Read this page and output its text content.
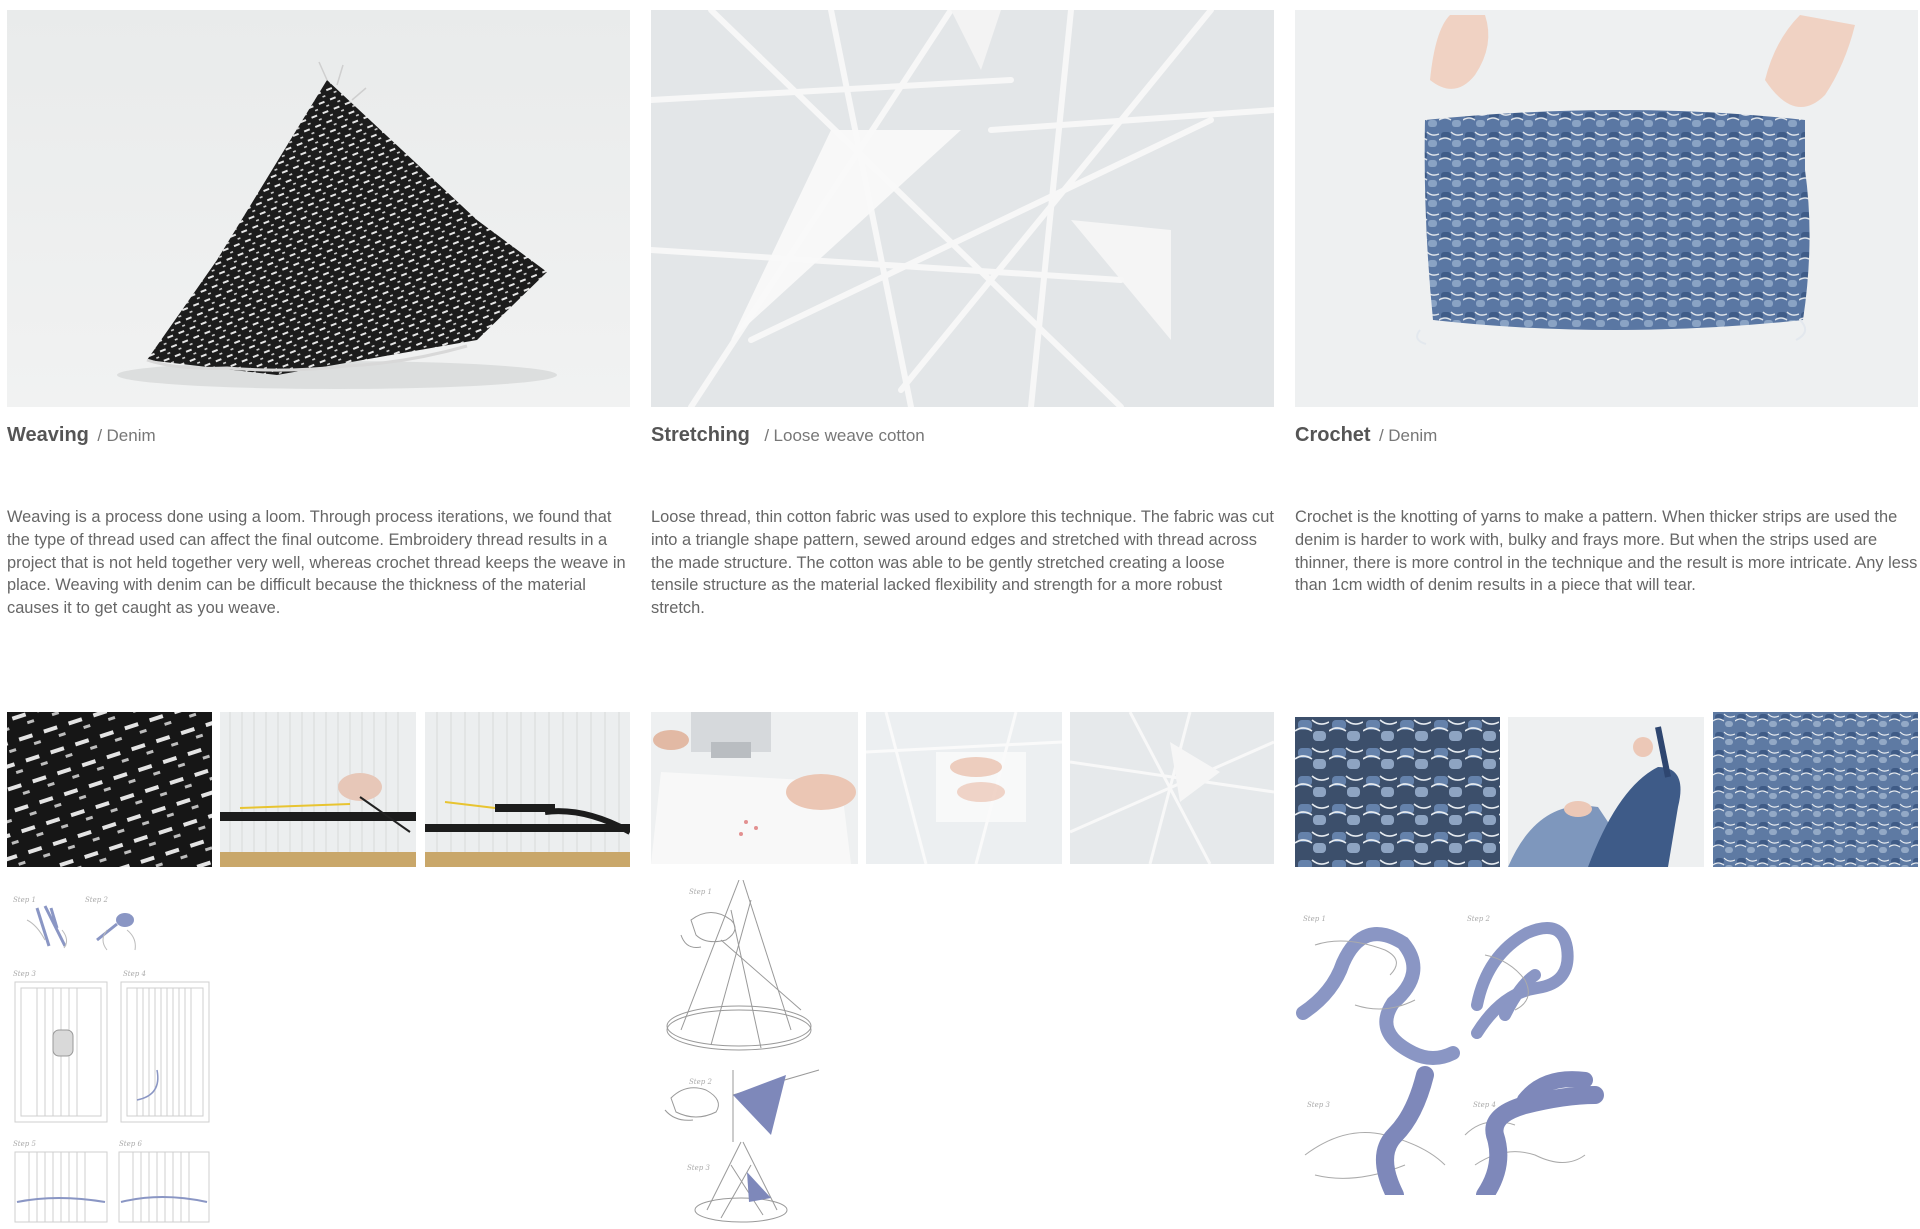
Weaving / Denim

Weaving is a process done using a loom. Through process iterations, we found that the type of thread used can affect the final outcome. Embroidery thread results in a project that is not held together very well, whereas crochet thread keeps the weave in place. Weaving with denim can be difficult because the thickness of the material causes it to get caught as you weave.

Step 1	Step 2
Step 3	Step 4
Step 5	Step 6
Stretching / Loose weave cotton

Loose thread, thin cotton fabric was used to explore this technique. The fabric was cut into a triangle shape pattern, sewed around edges and stretched with thread across the made structure. The cotton was able to be gently stretched creating a loose tensile structure as the material lacked flexibility and strength for a more robust stretch.

Step 1
Step 2
Step 3
Crochet / Denim

Crochet is the knotting of yarns to make a pattern. When thicker strips are used the denim is harder to work with, bulky and frays more. But when the strips used are thinner, there is more control in the technique and the result is more intricate. Any less than 1cm width of denim results in a piece that will tear.

Step 1	Step 2
Step 3	Step 4
